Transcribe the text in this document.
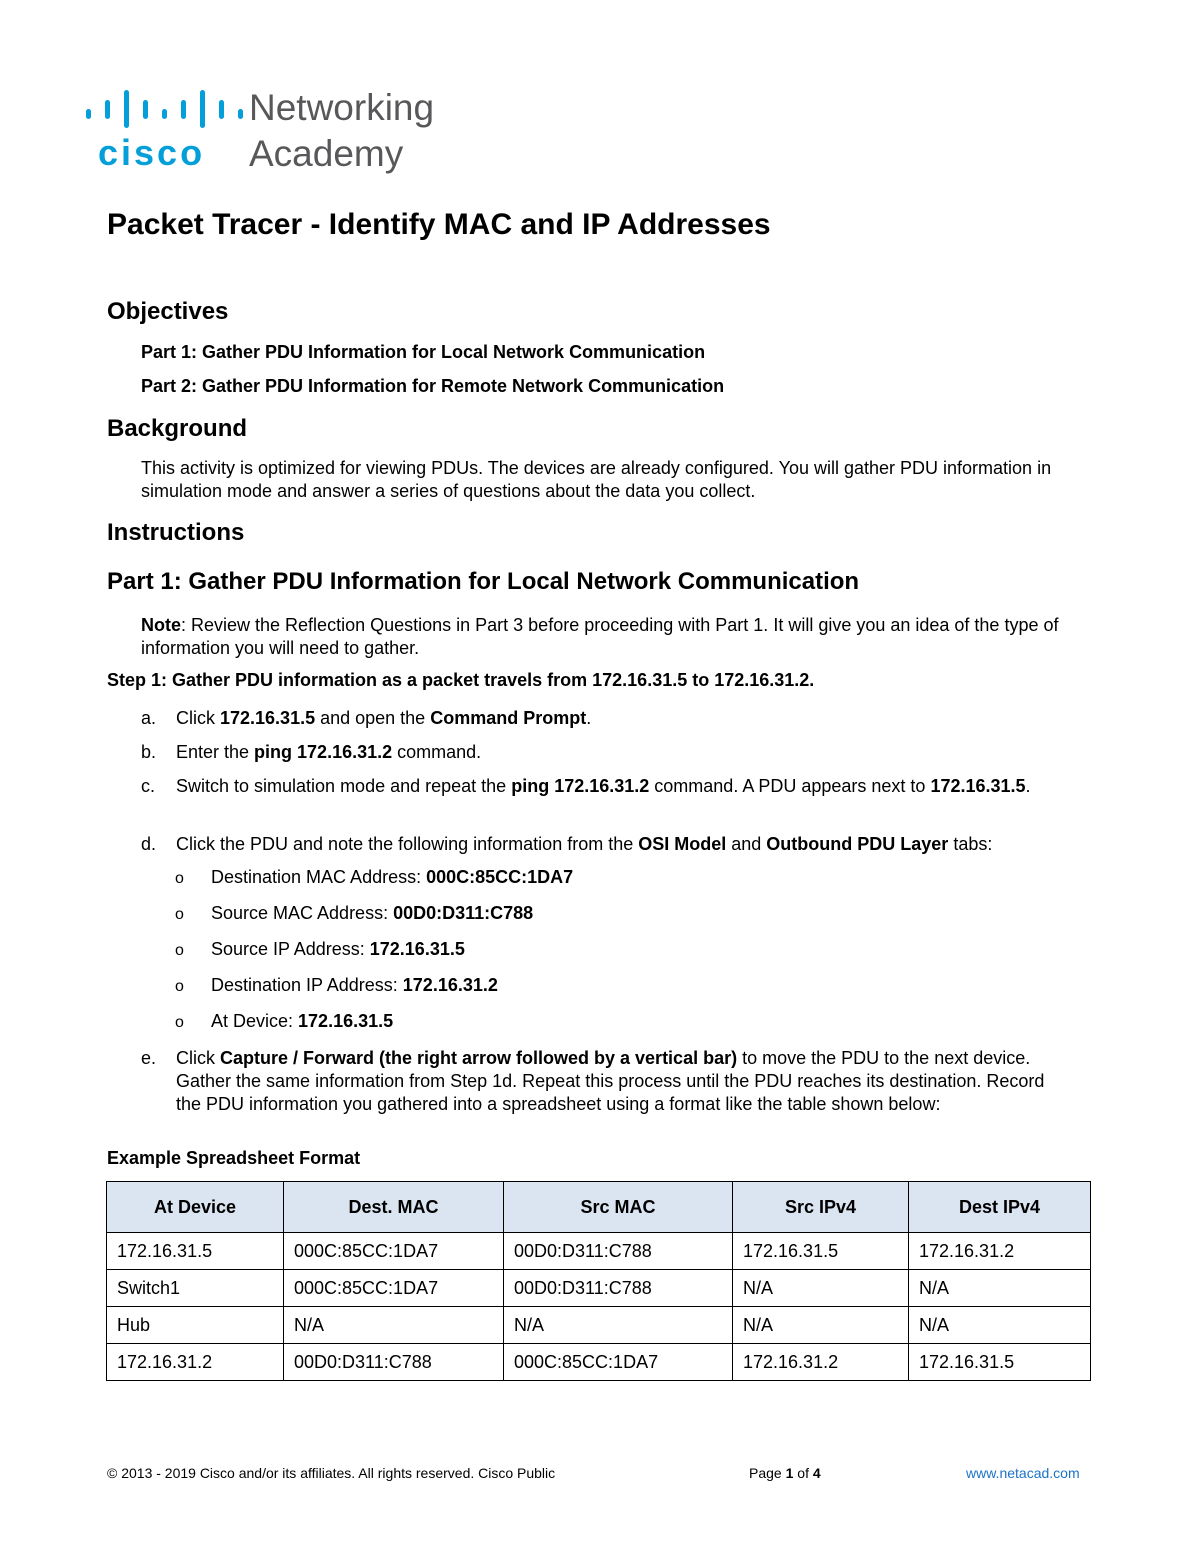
cisco
Networking
Academy
Packet Tracer - Identify MAC and IP Addresses
Objectives

Part 1: Gather PDU Information for Local Network Communication

Part 2: Gather PDU Information for Remote Network Communication

Background

This activity is optimized for viewing PDUs. The devices are already configured. You will gather PDU information in simulation mode and answer a series of questions about the data you collect.

Instructions
Part 1: Gather PDU Information for Local Network Communication

Note: Review the Reflection Questions in Part 3 before proceeding with Part 1. It will give you an idea of the type of information you will need to gather.

Step 1: Gather PDU information as a packet travels from 172.16.31.5 to 172.16.31.2.

a. Click 172.16.31.5 and open the Command Prompt.
b. Enter the ping 172.16.31.2 command.
c. Switch to simulation mode and repeat the ping 172.16.31.2 command. A PDU appears next to 172.16.31.5.
d. Click the PDU and note the following information from the OSI Model and Outbound PDU Layer tabs:
o Destination MAC Address: 000C:85CC:1DA7
o Source MAC Address: 00D0:D311:C788
o Source IP Address: 172.16.31.5
o Destination IP Address: 172.16.31.2
o At Device: 172.16.31.5
e. Click Capture / Forward (the right arrow followed by a vertical bar) to move the PDU to the next device. Gather the same information from Step 1d. Repeat this process until the PDU reaches its destination. Record the PDU information you gathered into a spreadsheet using a format like the table shown below:

Example Spreadsheet Format

At Device	Dest. MAC	Src MAC	Src IPv4	Dest IPv4
172.16.31.5	000C:85CC:1DA7	00D0:D311:C788	172.16.31.5	172.16.31.2
Switch1	000C:85CC:1DA7	00D0:D311:C788	N/A	N/A
Hub	N/A	N/A	N/A	N/A
172.16.31.2	00D0:D311:C788	000C:85CC:1DA7	172.16.31.2	172.16.31.5
© 2013 - 2019 Cisco and/or its affiliates. All rights reserved. Cisco Public	Page 1 of 4	www.netacad.com
